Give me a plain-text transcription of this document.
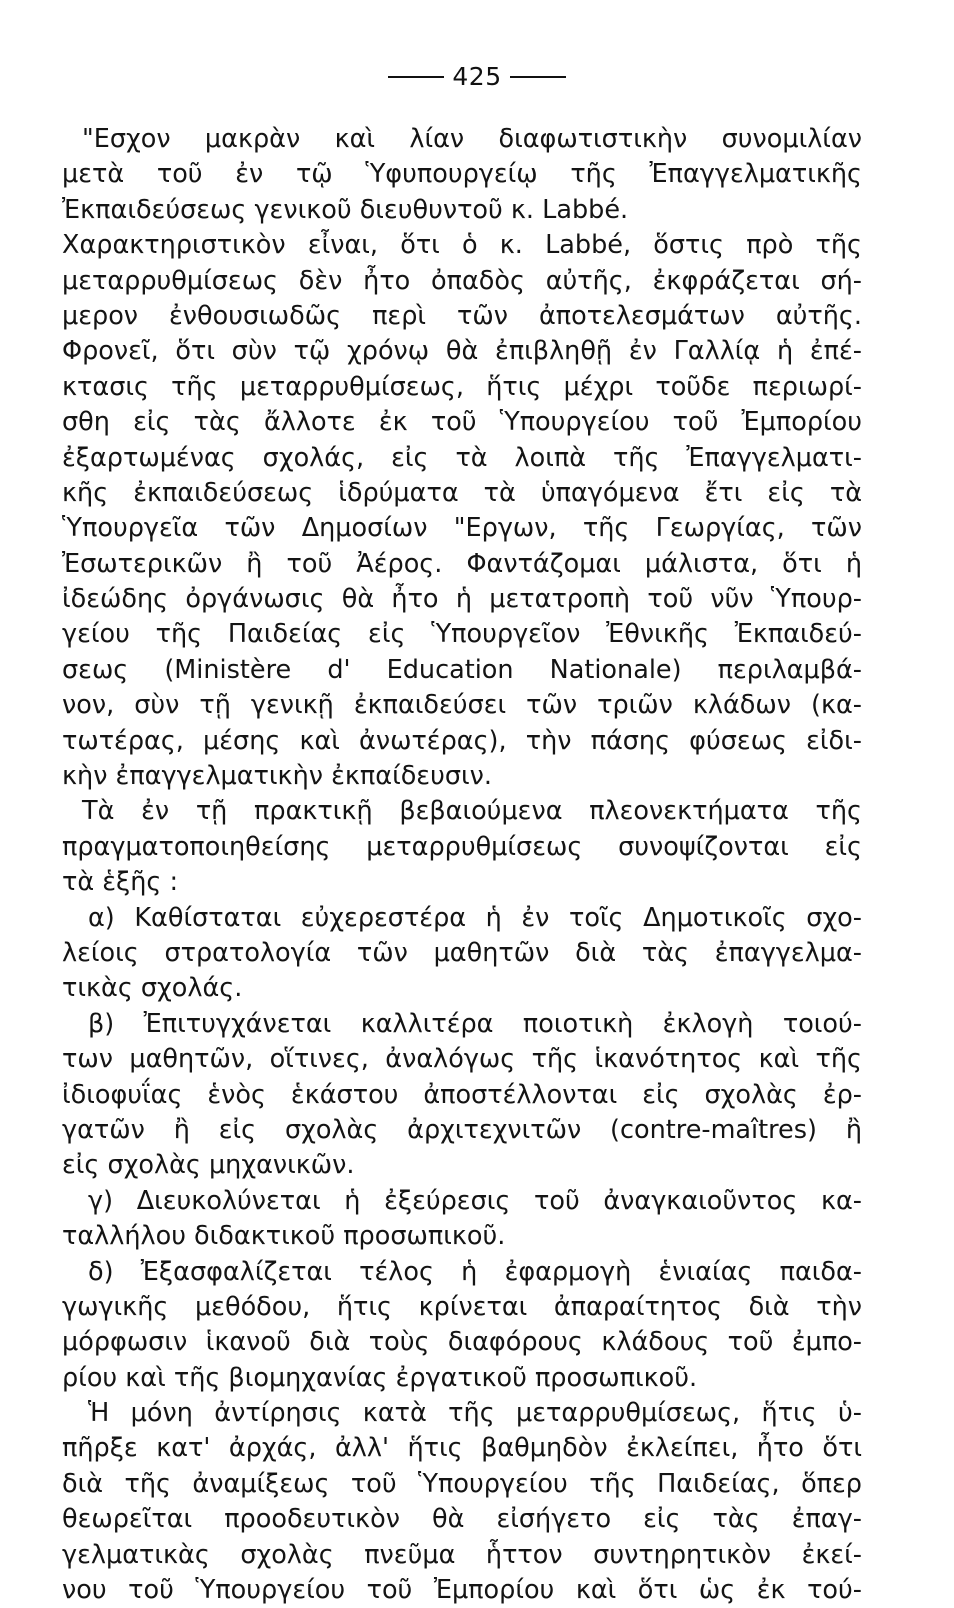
425
"Εσχον μακρὰν καὶ λίαν διαφωτιστικὴν συνομιλίαν
μετὰ τοῦ ἐν τῷ Ὑφυπουργείῳ τῆς Ἐπαγγελματικῆς
Ἐκπαιδεύσεως γενικοῦ διευθυντοῦ κ. Labbé.
Χαρακτηριστικὸν εἶναι, ὅτι ὁ κ. Labbé, ὅστις πρὸ τῆς
μεταρρυθμίσεως δὲν ἦτο ὀπαδὸς αὐτῆς, ἐκφράζεται σή-
μερον ἐνθουσιωδῶς περὶ τῶν ἀποτελεσμάτων αὐτῆς.
Φρονεῖ, ὅτι σὺν τῷ χρόνῳ θὰ ἐπιβληθῇ ἐν Γαλλίᾳ ἡ ἐπέ-
κτασις τῆς μεταρρυθμίσεως, ἥτις μέχρι τοῦδε περιωρί-
σθη εἰς τὰς ἄλλοτε ἐκ τοῦ Ὑπουργείου τοῦ Ἐμπορίου
ἐξαρτωμένας σχολάς, εἰς τὰ λοιπὰ τῆς Ἐπαγγελματι-
κῆς ἐκπαιδεύσεως ἱδρύματα τὰ ὑπαγόμενα ἔτι εἰς τὰ
Ὑπουργεῖα τῶν Δημοσίων "Εργων, τῆς Γεωργίας, τῶν
Ἐσωτερικῶν ἢ τοῦ Ἀέρος. Φαντάζομαι μάλιστα, ὅτι ἡ
ἰδεώδης ὀργάνωσις θὰ ἦτο ἡ μετατροπὴ τοῦ νῦν Ὑπουρ-
γείου τῆς Παιδείας εἰς Ὑπουργεῖον Ἐθνικῆς Ἐκπαιδεύ-
σεως (Ministère d' Education Nationale) περιλαμβά-
νον, σὺν τῇ γενικῇ ἐκπαιδεύσει τῶν τριῶν κλάδων (κα-
τωτέρας, μέσης καὶ ἀνωτέρας), τὴν πάσης φύσεως εἰδι-
κὴν ἐπαγγελματικὴν ἐκπαίδευσιν.
Τὰ ἐν τῇ πρακτικῇ βεβαιούμενα πλεονεκτήματα τῆς
πραγματοποιηθείσης μεταρρυθμίσεως συνοψίζονται εἰς
τὰ ἑξῆς :
α) Καθίσταται εὐχερεστέρα ἡ ἐν τοῖς Δημοτικοῖς σχο-
λείοις στρατολογία τῶν μαθητῶν διὰ τὰς ἐπαγγελμα-
τικὰς σχολάς.
β) Ἐπιτυγχάνεται καλλιτέρα ποιοτικὴ ἐκλογὴ τοιού-
των μαθητῶν, οἵτινες, ἀναλόγως τῆς ἱκανότητος καὶ τῆς
ἰδιοφυΐας ἑνὸς ἑκάστου ἀποστέλλονται εἰς σχολὰς ἐρ-
γατῶν ἢ εἰς σχολὰς ἀρχιτεχνιτῶν (contre-maîtres) ἢ
εἰς σχολὰς μηχανικῶν.
γ) Διευκολύνεται ἡ ἐξεύρεσις τοῦ ἀναγκαιοῦντος κα-
ταλλήλου διδακτικοῦ προσωπικοῦ.
δ) Ἐξασφαλίζεται τέλος ἡ ἐφαρμογὴ ἑνιαίας παιδα-
γωγικῆς μεθόδου, ἥτις κρίνεται ἀπαραίτητος διὰ τὴν
μόρφωσιν ἱκανοῦ διὰ τοὺς διαφόρους κλάδους τοῦ ἐμπο-
ρίου καὶ τῆς βιομηχανίας ἐργατικοῦ προσωπικοῦ.
Ἡ μόνη ἀντίρησις κατὰ τῆς μεταρρυθμίσεως, ἥτις ὑ-
πῆρξε κατ' ἀρχάς, ἀλλ' ἥτις βαθμηδὸν ἐκλείπει, ἦτο ὅτι
διὰ τῆς ἀναμίξεως τοῦ Ὑπουργείου τῆς Παιδείας, ὅπερ
θεωρεῖται προοδευτικὸν θὰ εἰσήγετο εἰς τὰς ἐπαγ-
γελματικὰς σχολὰς πνεῦμα ἧττον συντηρητικὸν ἐκεί-
νου τοῦ Ὑπουργείου τοῦ Ἐμπορίου καὶ ὅτι ὡς ἐκ τού-
